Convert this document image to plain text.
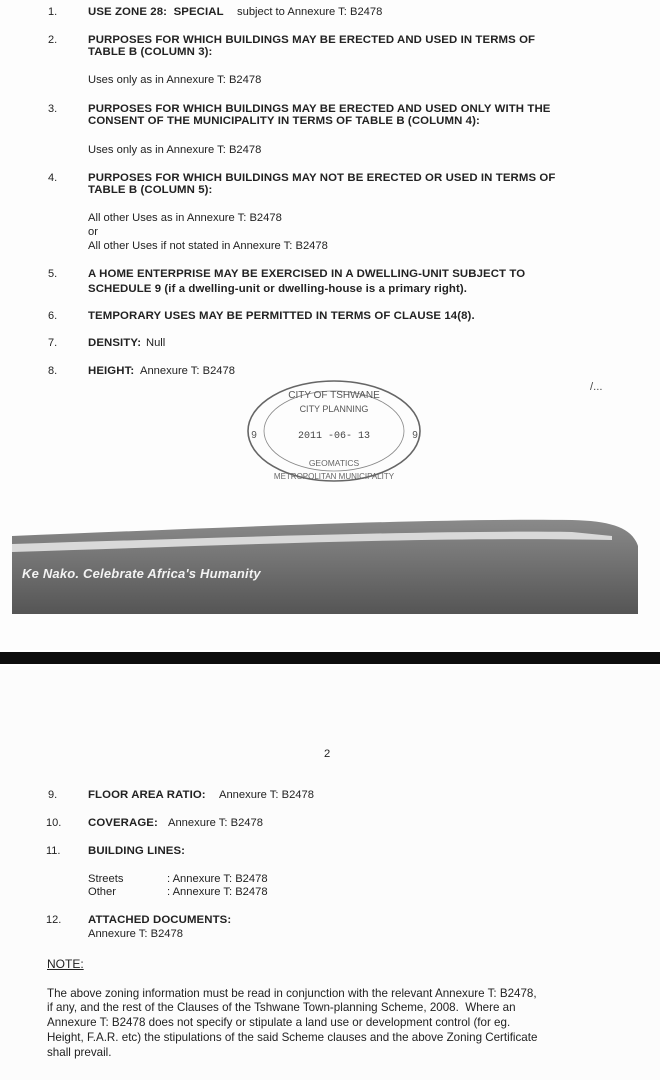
1.	USE ZONE 28:  SPECIAL subject to Annexure T: B2478
2.	PURPOSES FOR WHICH BUILDINGS MAY BE ERECTED AND USED IN TERMS OF
TABLE B (COLUMN 3):
Uses only as in Annexure T: B2478
3.	PURPOSES FOR WHICH BUILDINGS MAY BE ERECTED AND USED ONLY WITH THE
CONSENT OF THE MUNICIPALITY IN TERMS OF TABLE B (COLUMN 4):
Uses only as in Annexure T: B2478
4.	PURPOSES FOR WHICH BUILDINGS MAY NOT BE ERECTED OR USED IN TERMS OF
TABLE B (COLUMN 5):
All other Uses as in Annexure T: B2478
or
All other Uses if not stated in Annexure T: B2478
5.	A HOME ENTERPRISE MAY BE EXERCISED IN A DWELLING-UNIT SUBJECT TO
SCHEDULE 9 (if a dwelling-unit or dwelling-house is a primary right).
6.	TEMPORARY USES MAY BE PERMITTED IN TERMS OF CLAUSE 14(8).
7.	DENSITY: Null
8.	HEIGHT: Annexure T: B2478
/...
CITY OF TSHWANE
CITY PLANNING
2011 -06- 13
GEOMATICS
METROPOLITAN MUNICIPALITY
9	9
Ke Nako. Celebrate Africa's Humanity
2
9.	FLOOR AREA RATIO: Annexure T: B2478
10. COVERAGE: Annexure T: B2478
11. BUILDING LINES:
Streets	: Annexure T: B2478
Other	: Annexure T: B2478
12. ATTACHED DOCUMENTS:
Annexure T: B2478
NOTE:
The above zoning information must be read in conjunction with the relevant Annexure T: B2478,
if any, and the rest of the Clauses of the Tshwane Town-planning Scheme, 2008.  Where an
Annexure T: B2478 does not specify or stipulate a land use or development control (for eg.
Height, F.A.R. etc) the stipulations of the said Scheme clauses and the above Zoning Certificate
shall prevail.
